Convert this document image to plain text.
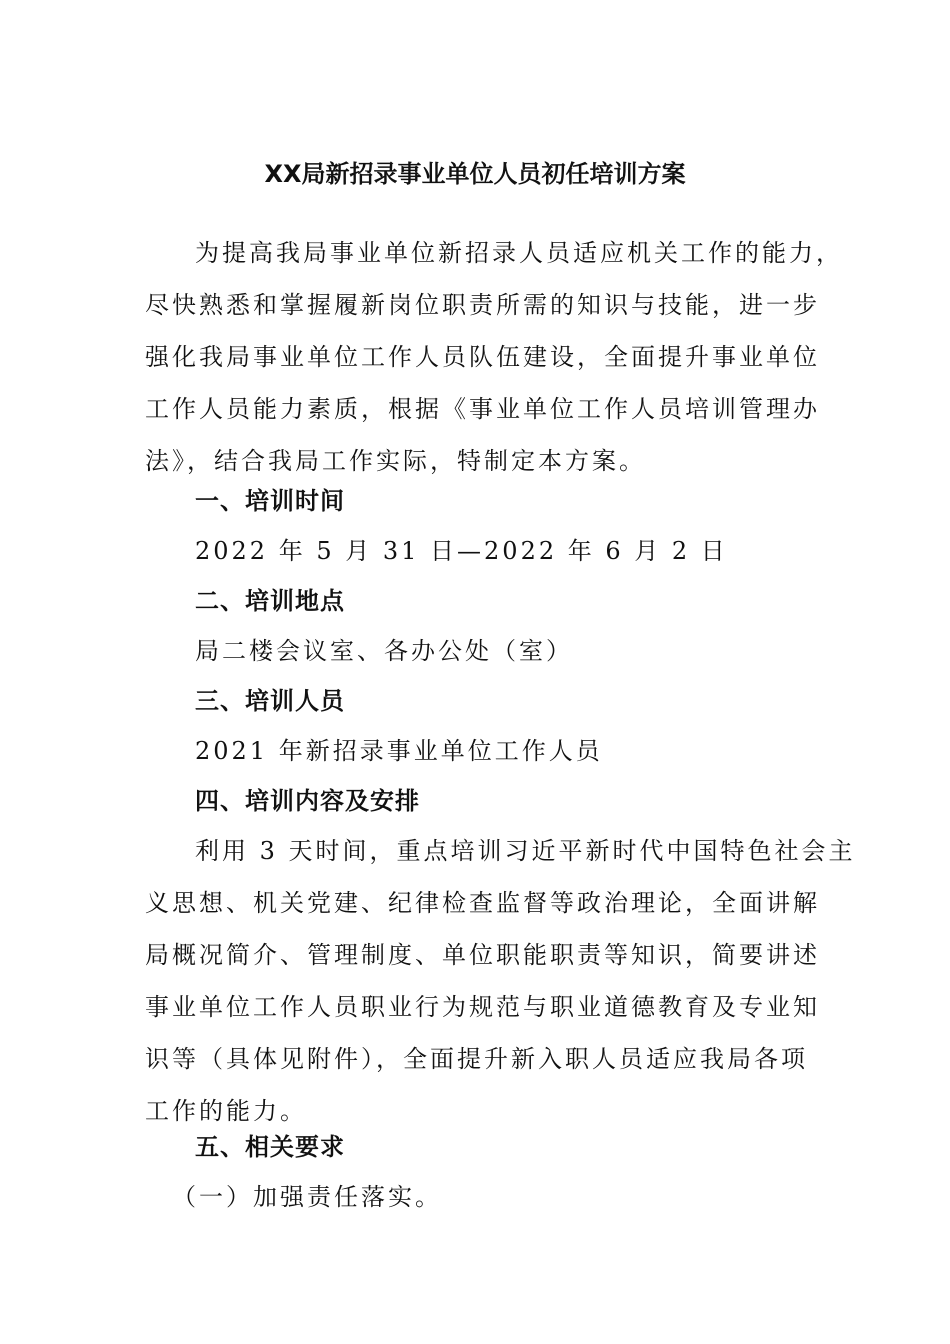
XX局新招录事业单位人员初任培训方案
为提高我局事业单位新招录人员适应机关工作的能力，
尽快熟悉和掌握履新岗位职责所需的知识与技能，进一步
强化我局事业单位工作人员队伍建设，全面提升事业单位
工作人员能力素质，根据《事业单位工作人员培训管理办
法》，结合我局工作实际，特制定本方案。
一、培训时间
2022 年 5 月 31 日—2022 年 6 月 2 日
二、培训地点
局二楼会议室、各办公处（室）
三、培训人员
2021 年新招录事业单位工作人员
四、培训内容及安排
利用 3 天时间，重点培训习近平新时代中国特色社会主
义思想、机关党建、纪律检查监督等政治理论，全面讲解
局概况简介、管理制度、单位职能职责等知识，简要讲述
事业单位工作人员职业行为规范与职业道德教育及专业知
识等（具体见附件），全面提升新入职人员适应我局各项
工作的能力。
五、相关要求
（一）加强责任落实。
